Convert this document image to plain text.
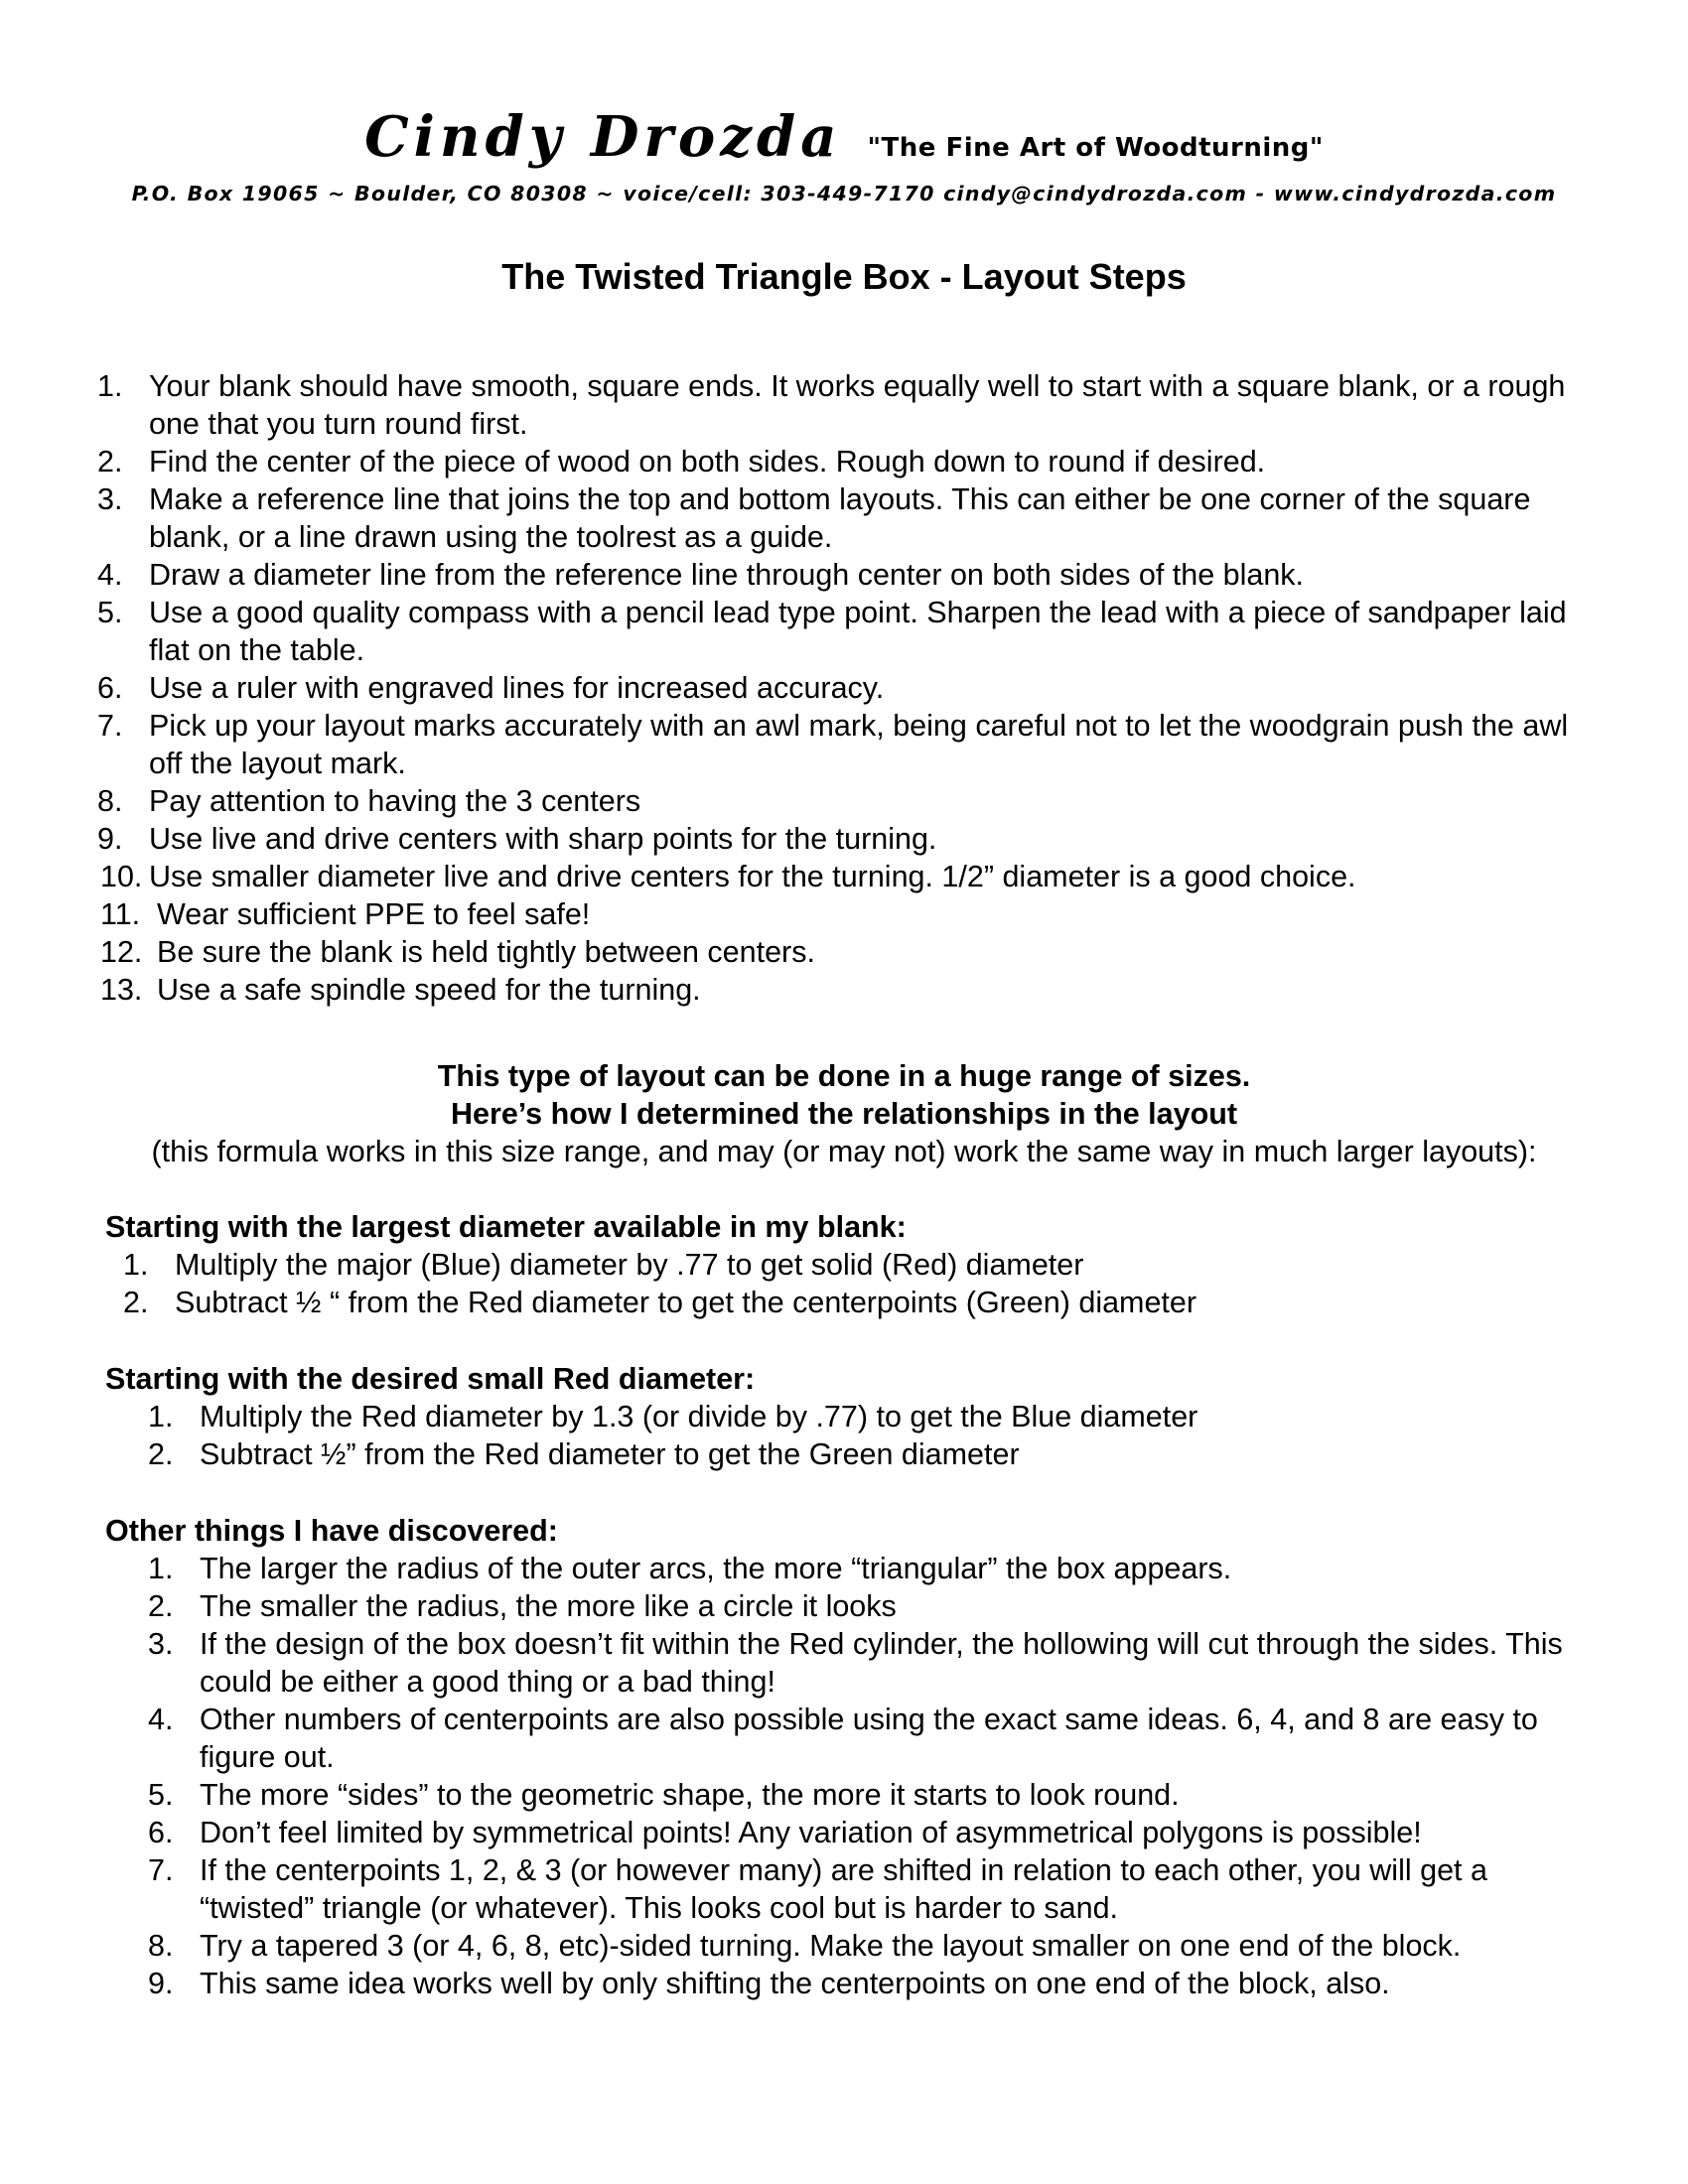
Cindy Drozda "The Fine Art of Woodturning"
P.O. Box 19065 ~ Boulder, CO 80308 ~ voice/cell: 303-449-7170 cindy@cindydrozda.com - www.cindydrozda.com
The Twisted Triangle Box - Layout Steps
1. Your blank should have smooth, square ends. It works equally well to start with a square blank, or a rough one that you turn round first.
2. Find the center of the piece of wood on both sides. Rough down to round if desired.
3. Make a reference line that joins the top and bottom layouts. This can either be one corner of the square blank, or a line drawn using the toolrest as a guide.
4. Draw a diameter line from the reference line through center on both sides of the blank.
5. Use a good quality compass with a pencil lead type point. Sharpen the lead with a piece of sandpaper laid flat on the table.
6. Use a ruler with engraved lines for increased accuracy.
7. Pick up your layout marks accurately with an awl mark, being careful not to let the woodgrain push the awl off the layout mark.
8. Pay attention to having the 3 centers
9. Use live and drive centers with sharp points for the turning.
10. Use smaller diameter live and drive centers for the turning. 1/2” diameter is a good choice.
11. Wear sufficient PPE to feel safe!
12. Be sure the blank is held tightly between centers.
13. Use a safe spindle speed for the turning.
This type of layout can be done in a huge range of sizes.
Here’s how I determined the relationships in the layout
(this formula works in this size range, and may (or may not) work the same way in much larger layouts):
Starting with the largest diameter available in my blank:
1. Multiply the major (Blue) diameter by .77 to get solid (Red) diameter
2. Subtract ½ “ from the Red diameter to get the centerpoints (Green) diameter
Starting with the desired small Red diameter:
1. Multiply the Red diameter by 1.3 (or divide by .77) to get the Blue diameter
2. Subtract ½” from the Red diameter to get the Green diameter
Other things I have discovered:
1. The larger the radius of the outer arcs, the more “triangular” the box appears.
2. The smaller the radius, the more like a circle it looks
3. If the design of the box doesn’t fit within the Red cylinder, the hollowing will cut through the sides. This could be either a good thing or a bad thing!
4. Other numbers of centerpoints are also possible using the exact same ideas. 6, 4, and 8 are easy to figure out.
5. The more “sides” to the geometric shape, the more it starts to look round.
6. Don’t feel limited by symmetrical points! Any variation of asymmetrical polygons is possible!
7. If the centerpoints 1, 2, & 3 (or however many) are shifted in relation to each other, you will get a “twisted” triangle (or whatever). This looks cool but is harder to sand.
8. Try a tapered 3 (or 4, 6, 8, etc)-sided turning. Make the layout smaller on one end of the block.
9. This same idea works well by only shifting the centerpoints on one end of the block, also.
